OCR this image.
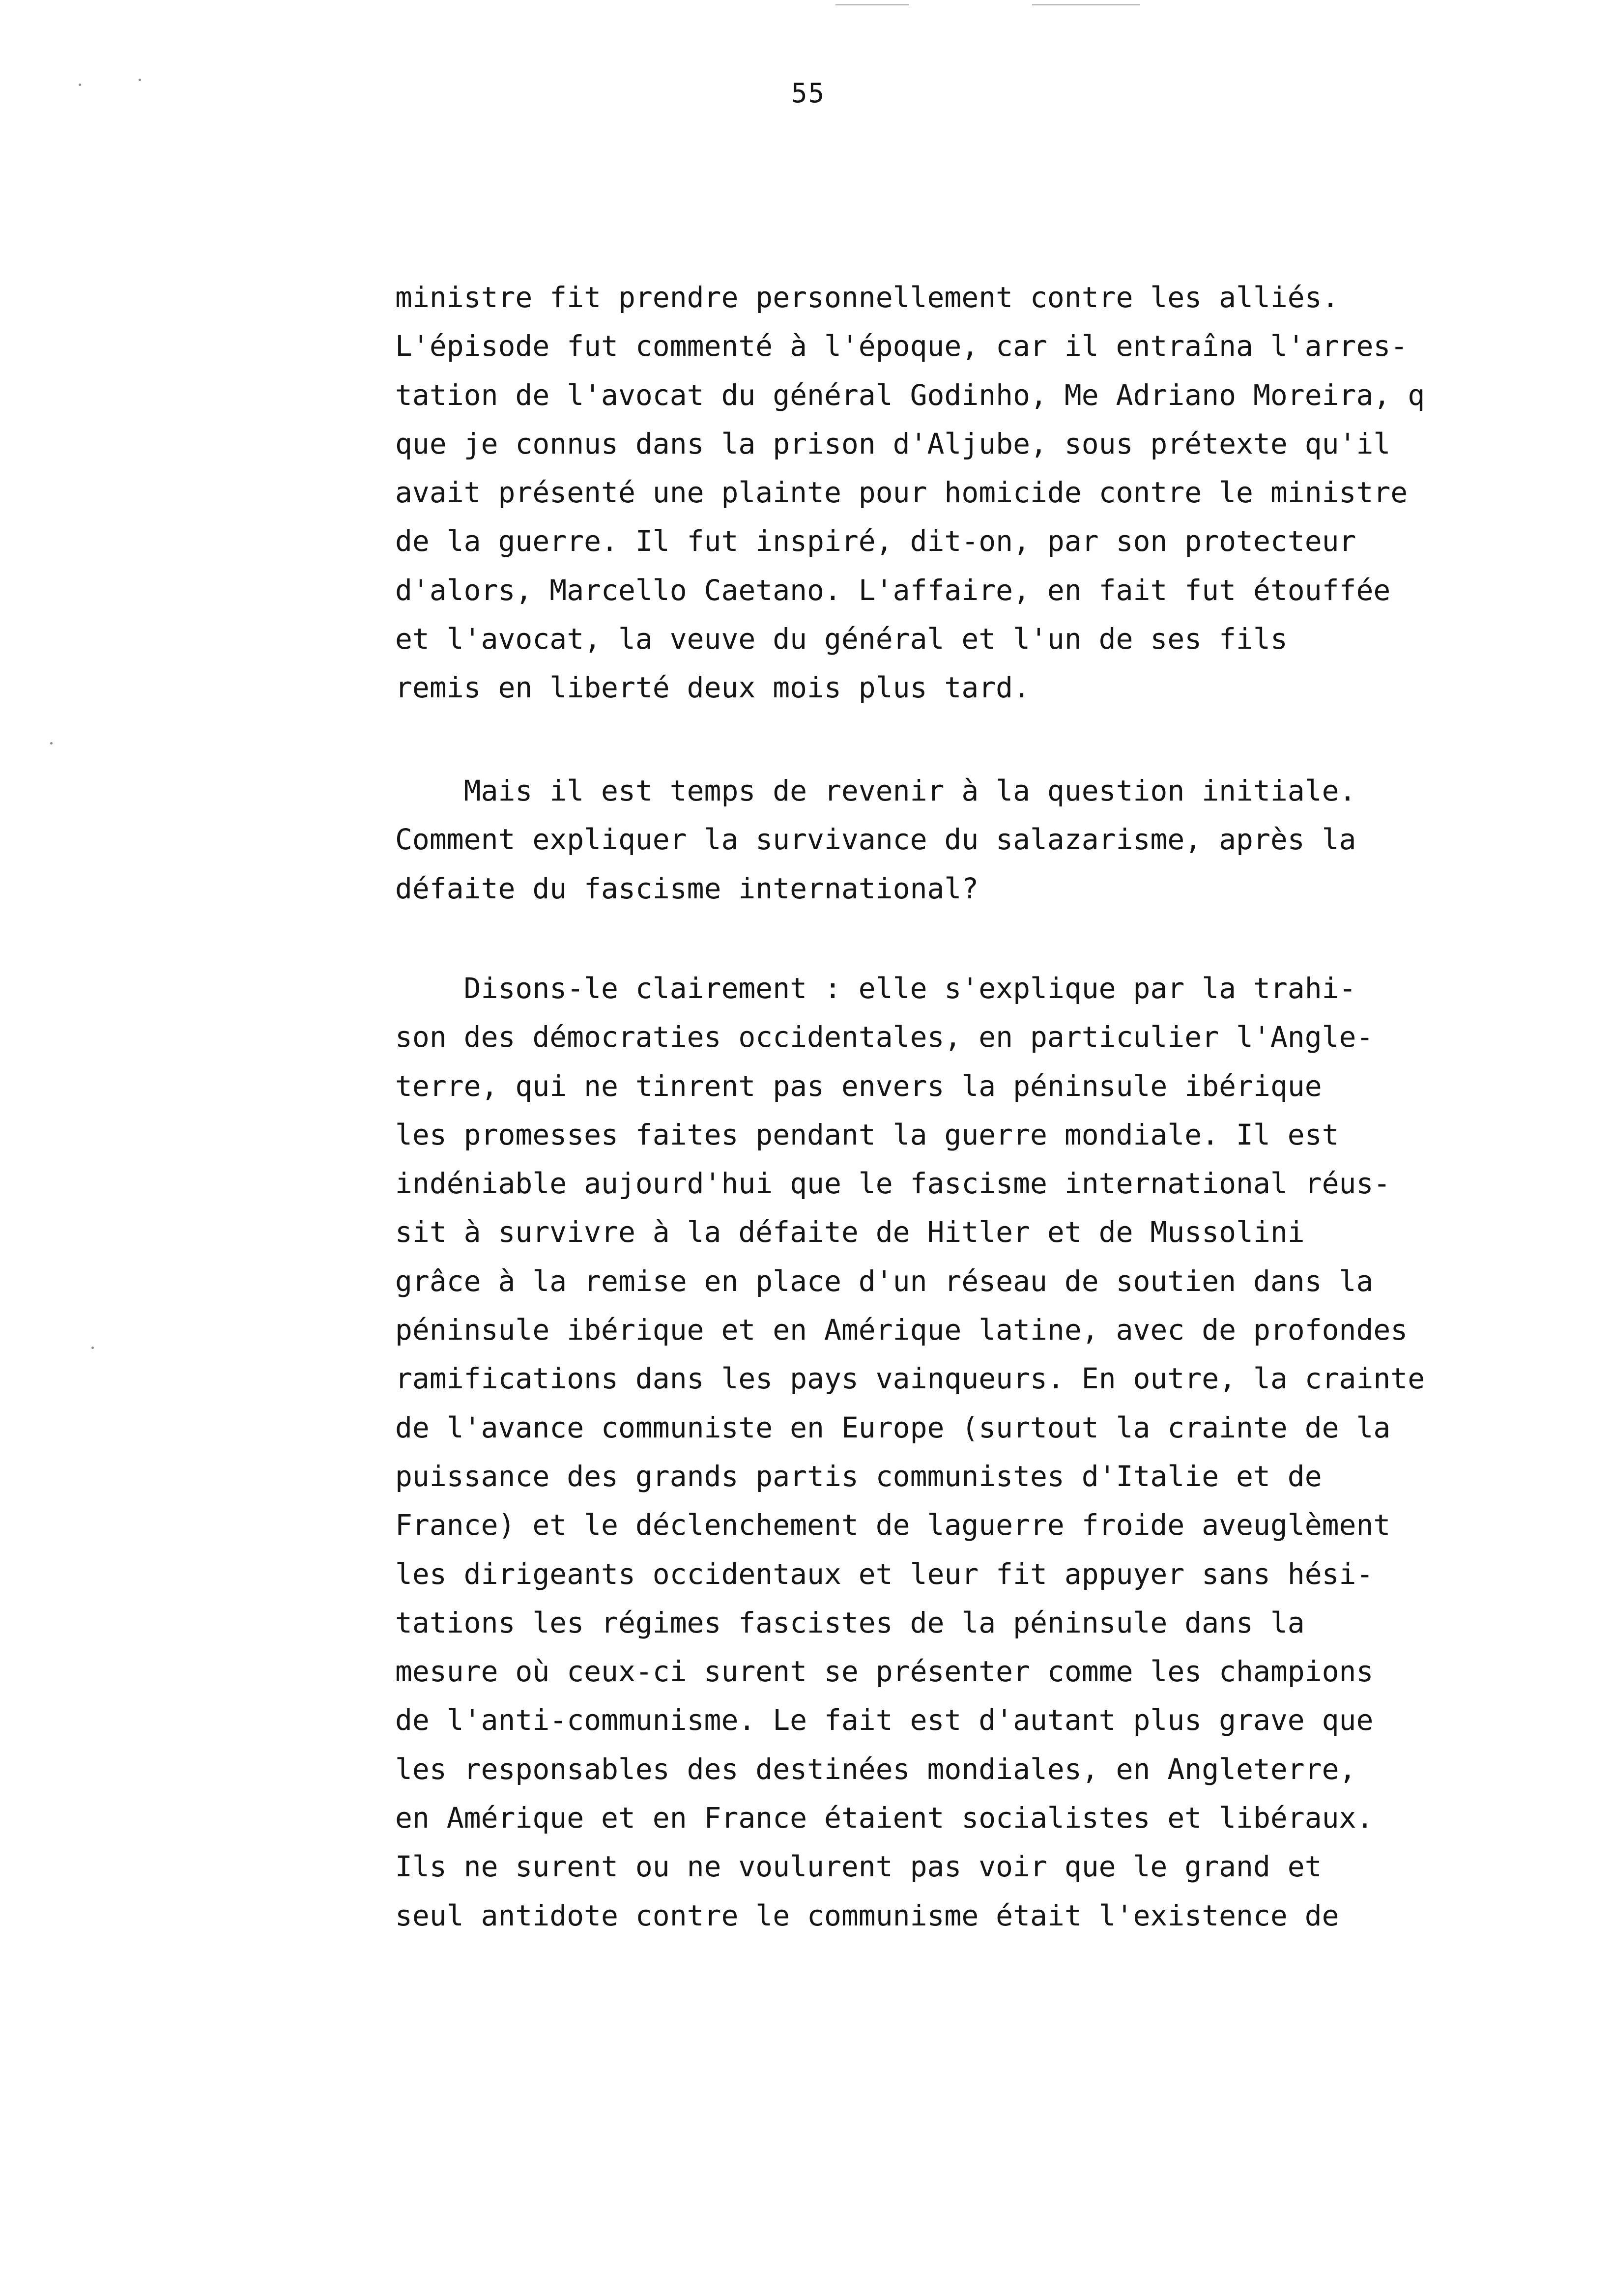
55
ministre fit prendre personnellement contre les alliés.
L'épisode fut commenté à l'époque, car il entraîna l'arres-
tation de l'avocat du général Godinho, Me Adriano Moreira, q
que je connus dans la prison d'Aljube, sous prétexte qu'il
avait présenté une plainte pour homicide contre le ministre
de la guerre. Il fut inspiré, dit-on, par son protecteur
d'alors, Marcello Caetano. L'affaire, en fait fut étouffée
et l'avocat, la veuve du général et l'un de ses fils
remis en liberté deux mois plus tard.
Mais il est temps de revenir à la question initiale.
Comment expliquer la survivance du salazarisme, après la
défaite du fascisme international?
Disons-le clairement : elle s'explique par la trahi-
son des démocraties occidentales, en particulier l'Angle-
terre, qui ne tinrent pas envers la péninsule ibérique
les promesses faites pendant la guerre mondiale. Il est
indéniable aujourd'hui que le fascisme international réus-
sit à survivre à la défaite de Hitler et de Mussolini
grâce à la remise en place d'un réseau de soutien dans la
péninsule ibérique et en Amérique latine, avec de profondes
ramifications dans les pays vainqueurs. En outre, la crainte
de l'avance communiste en Europe (surtout la crainte de la
puissance des grands partis communistes d'Italie et de
France) et le déclenchement de laguerre froide aveuglèment
les dirigeants occidentaux et leur fit appuyer sans hési-
tations les régimes fascistes de la péninsule dans la
mesure où ceux-ci surent se présenter comme les champions
de l'anti-communisme. Le fait est d'autant plus grave que
les responsables des destinées mondiales, en Angleterre,
en Amérique et en France étaient socialistes et libéraux.
Ils ne surent ou ne voulurent pas voir que le grand et
seul antidote contre le communisme était l'existence de
